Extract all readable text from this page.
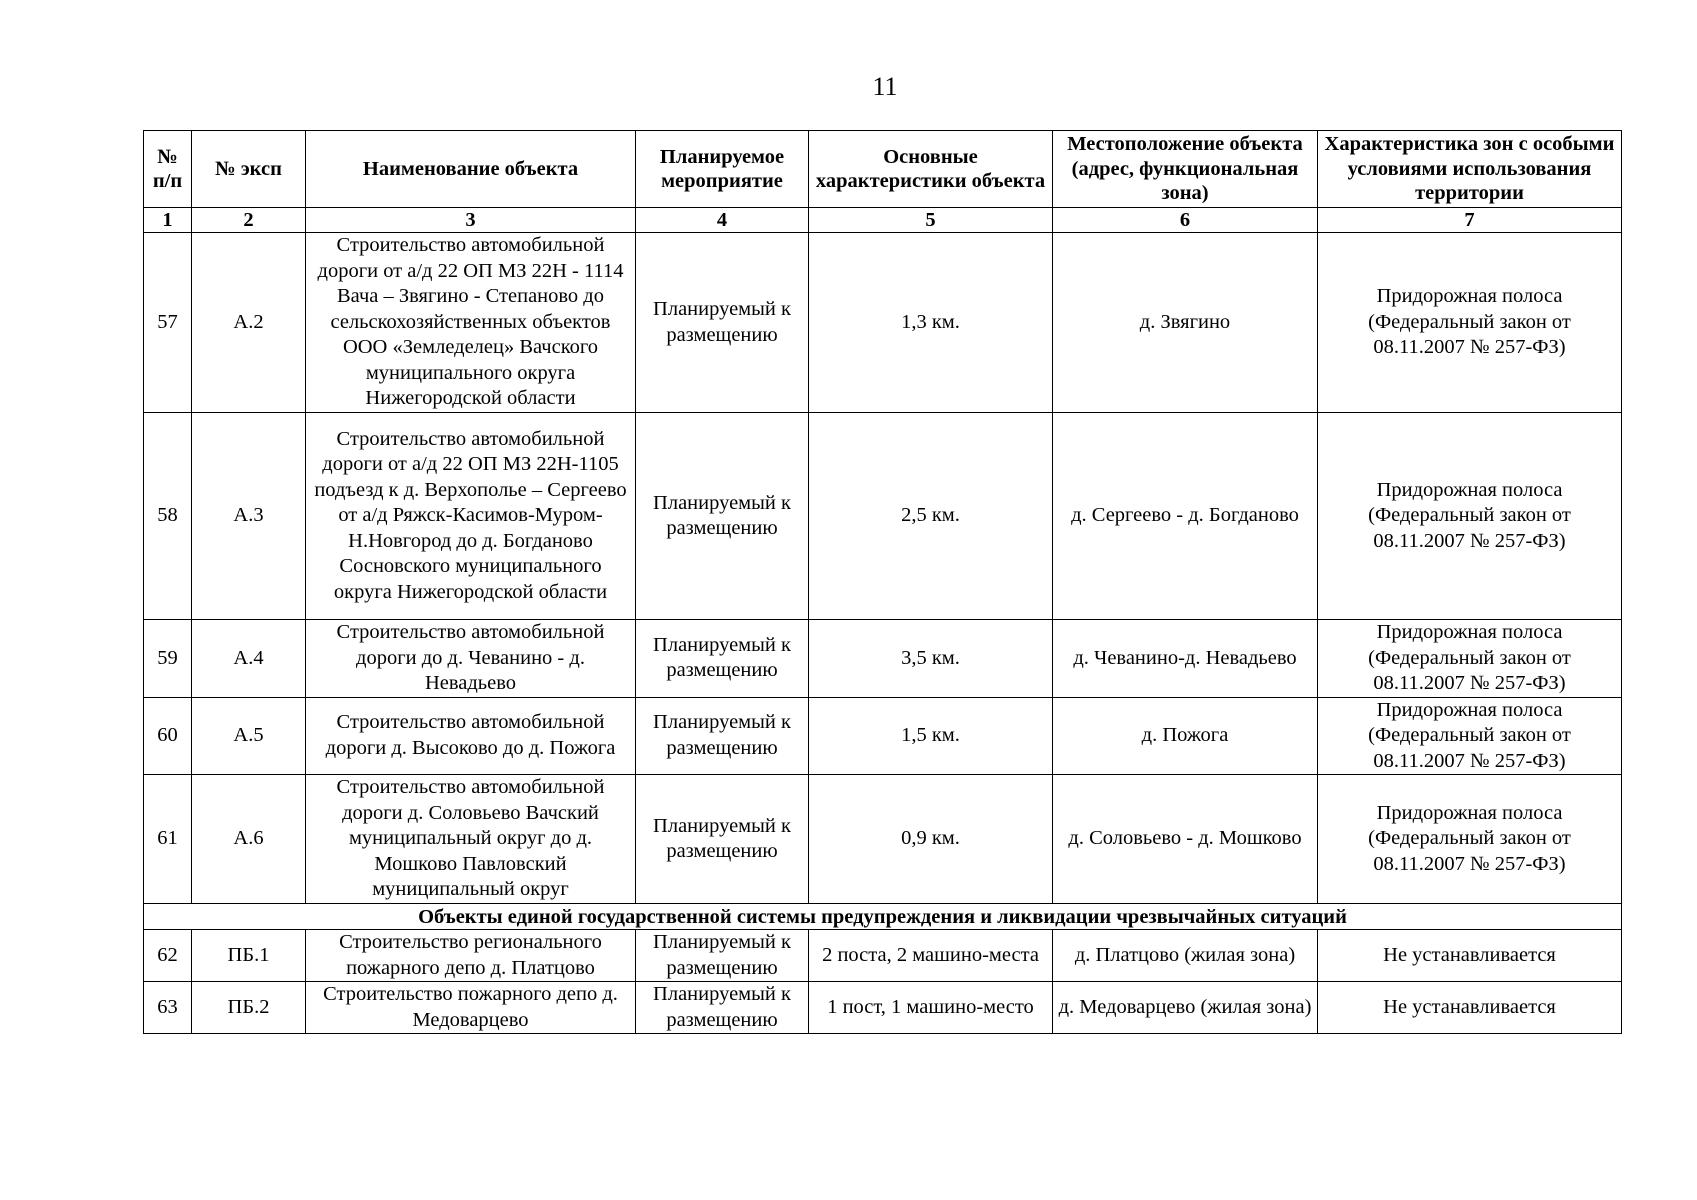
11
№ п/п	№ эксп	Наименование объекта	Планируемое мероприятие	Основные характеристики объекта	Местоположение объекта (адрес, функциональная зона)	Характеристика зон с особыми условиями использования территории
1	2	3	4	5	6	7
57	А.2	Строительство автомобильной дороги от а/д 22 ОП МЗ 22Н - 1114 Вача – Звягино - Степаново до сельскохозяйственных объектов ООО «Земледелец» Вачского муниципального округа Нижегородской области	Планируемый к размещению	1,3 км.	д. Звягино	Придорожная полоса (Федеральный закон от 08.11.2007 № 257-ФЗ)
58	А.3	Строительство автомобильной дороги от а/д 22 ОП МЗ 22Н-1105 подъезд к д. Верхополье – Сергеево от а/д Ряжск-Касимов-Муром-Н.Новгород до д. Богданово Сосновского муниципального округа Нижегородской области	Планируемый к размещению	2,5 км.	д. Сергеево - д. Богданово	Придорожная полоса (Федеральный закон от 08.11.2007 № 257-ФЗ)
59	А.4	Строительство автомобильной дороги до д. Чеванино - д. Невадьево	Планируемый к размещению	3,5 км.	д. Чеванино-д. Невадьево	Придорожная полоса (Федеральный закон от 08.11.2007 № 257-ФЗ)
60	А.5	Строительство автомобильной дороги д. Высоково до д. Пожога	Планируемый к размещению	1,5 км.	д. Пожога	Придорожная полоса (Федеральный закон от 08.11.2007 № 257-ФЗ)
61	А.6	Строительство автомобильной дороги д. Соловьево Вачский муниципальный округ до д. Мошково Павловский муниципальный округ	Планируемый к размещению	0,9 км.	д. Соловьево - д. Мошково	Придорожная полоса (Федеральный закон от 08.11.2007 № 257-ФЗ)
Объекты единой государственной системы предупреждения и ликвидации чрезвычайных ситуаций						
62	ПБ.1	Строительство регионального пожарного депо д. Платцово	Планируемый к размещению	2 поста, 2 машино-места	д. Платцово (жилая зона)	Не устанавливается
63	ПБ.2	Строительство пожарного депо д. Медоварцево	Планируемый к размещению	1 пост, 1 машино-место	д. Медоварцево (жилая зона)	Не устанавливается
